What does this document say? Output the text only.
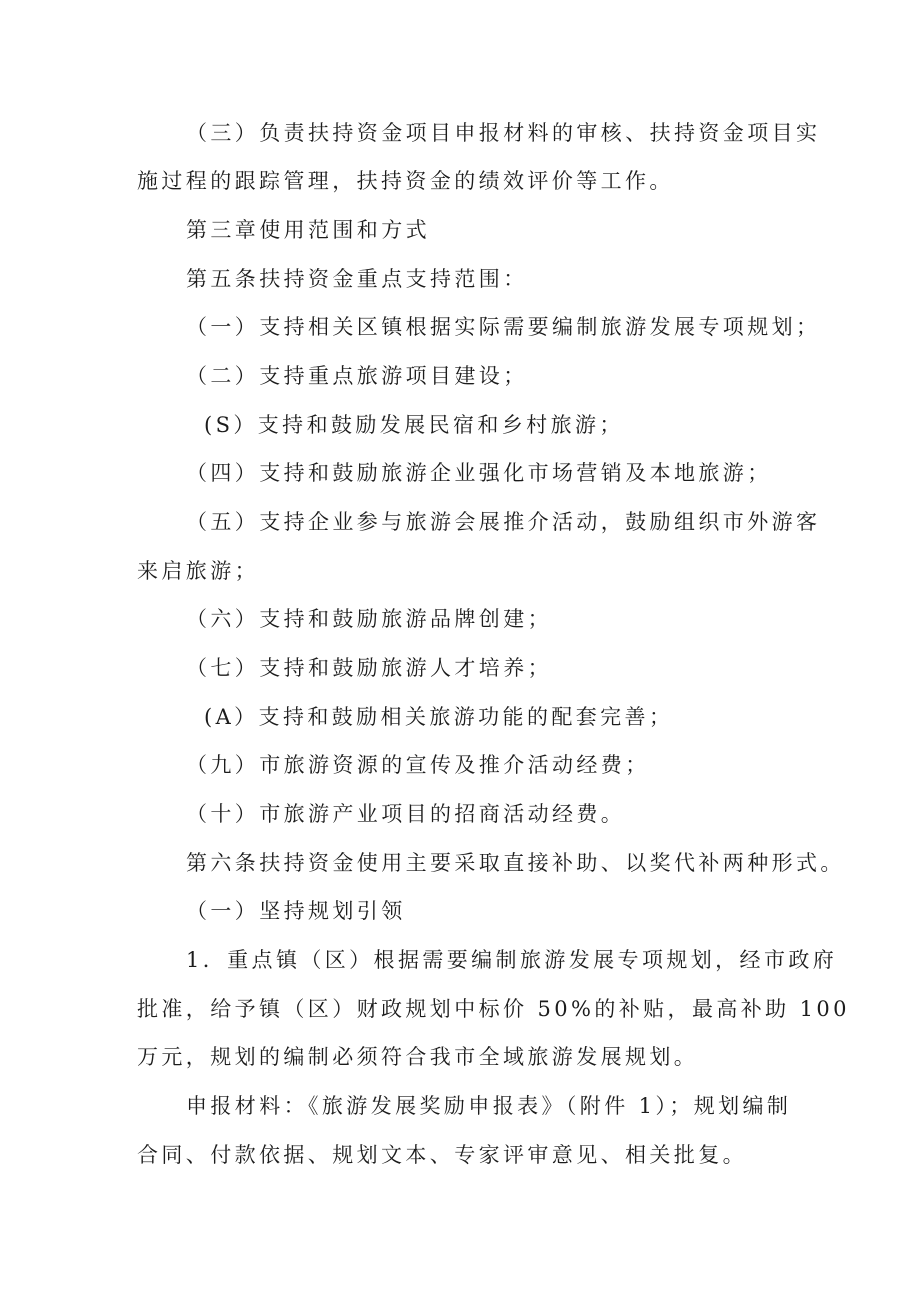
（三）负责扶持资金项目申报材料的审核、扶持资金项目实
施过程的跟踪管理，扶持资金的绩效评价等工作。
第三章使用范围和方式
第五条扶持资金重点支持范围：
（一）支持相关区镇根据实际需要编制旅游发展专项规划；
（二）支持重点旅游项目建设；
(S）支持和鼓励发展民宿和乡村旅游；
（四）支持和鼓励旅游企业强化市场营销及本地旅游；
（五）支持企业参与旅游会展推介活动，鼓励组织市外游客
来启旅游；
（六）支持和鼓励旅游品牌创建；
（七）支持和鼓励旅游人才培养；
(A）支持和鼓励相关旅游功能的配套完善；
（九）市旅游资源的宣传及推介活动经费；
（十）市旅游产业项目的招商活动经费。
第六条扶持资金使用主要采取直接补助、以奖代补两种形式。
（一）坚持规划引领
1．重点镇（区）根据需要编制旅游发展专项规划，经市政府
批准，给予镇（区）财政规划中标价 50%的补贴，最高补助 100
万元，规划的编制必须符合我市全域旅游发展规划。
申报材料：《旅游发展奖励申报表》（附件 1）；规划编制
合同、付款依据、规划文本、专家评审意见、相关批复。
